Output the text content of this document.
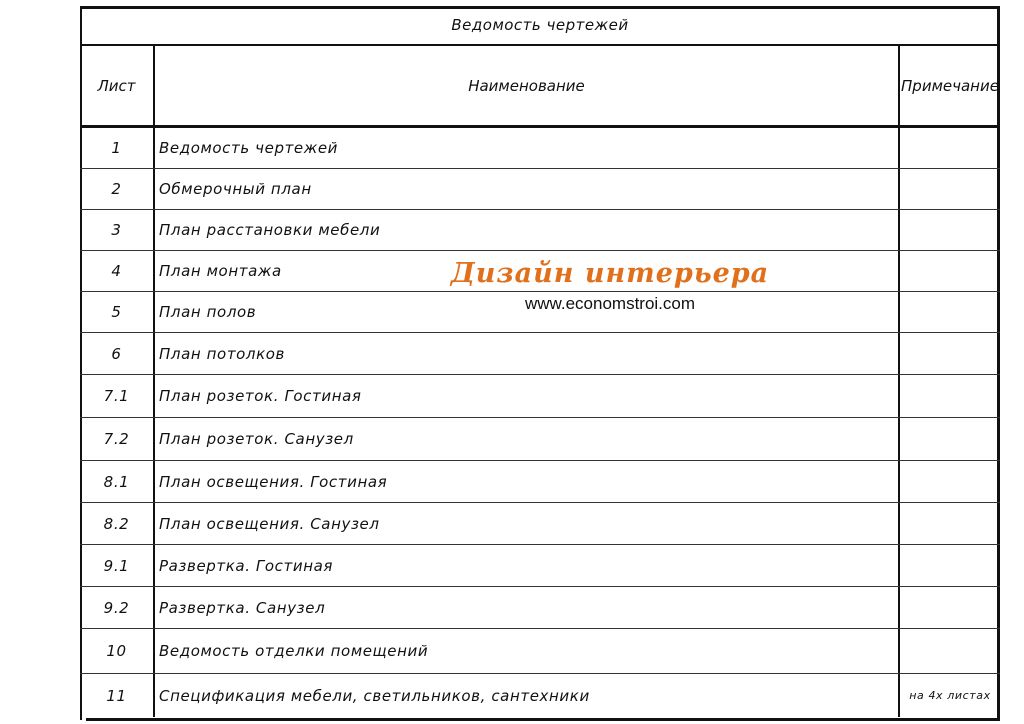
Ведомость чертежей
Лист	Наименование	Примечание
1	Ведомость чертежей
2	Обмерочный план
3	План расстановки мебели
4	План монтажа
5	План полов
6	План потолков
7.1	План розеток. Гостиная
7.2	План розеток. Санузел
8.1	План освещения. Гостиная
8.2	План освещения. Санузел
9.1	Развертка. Гостиная
9.2	Развертка. Санузел
10	Ведомость отделки помещений
11	Спецификация мебели, светильников, сантехники	на 4х листах
Дизайн интерьера
www.economstroi.com
